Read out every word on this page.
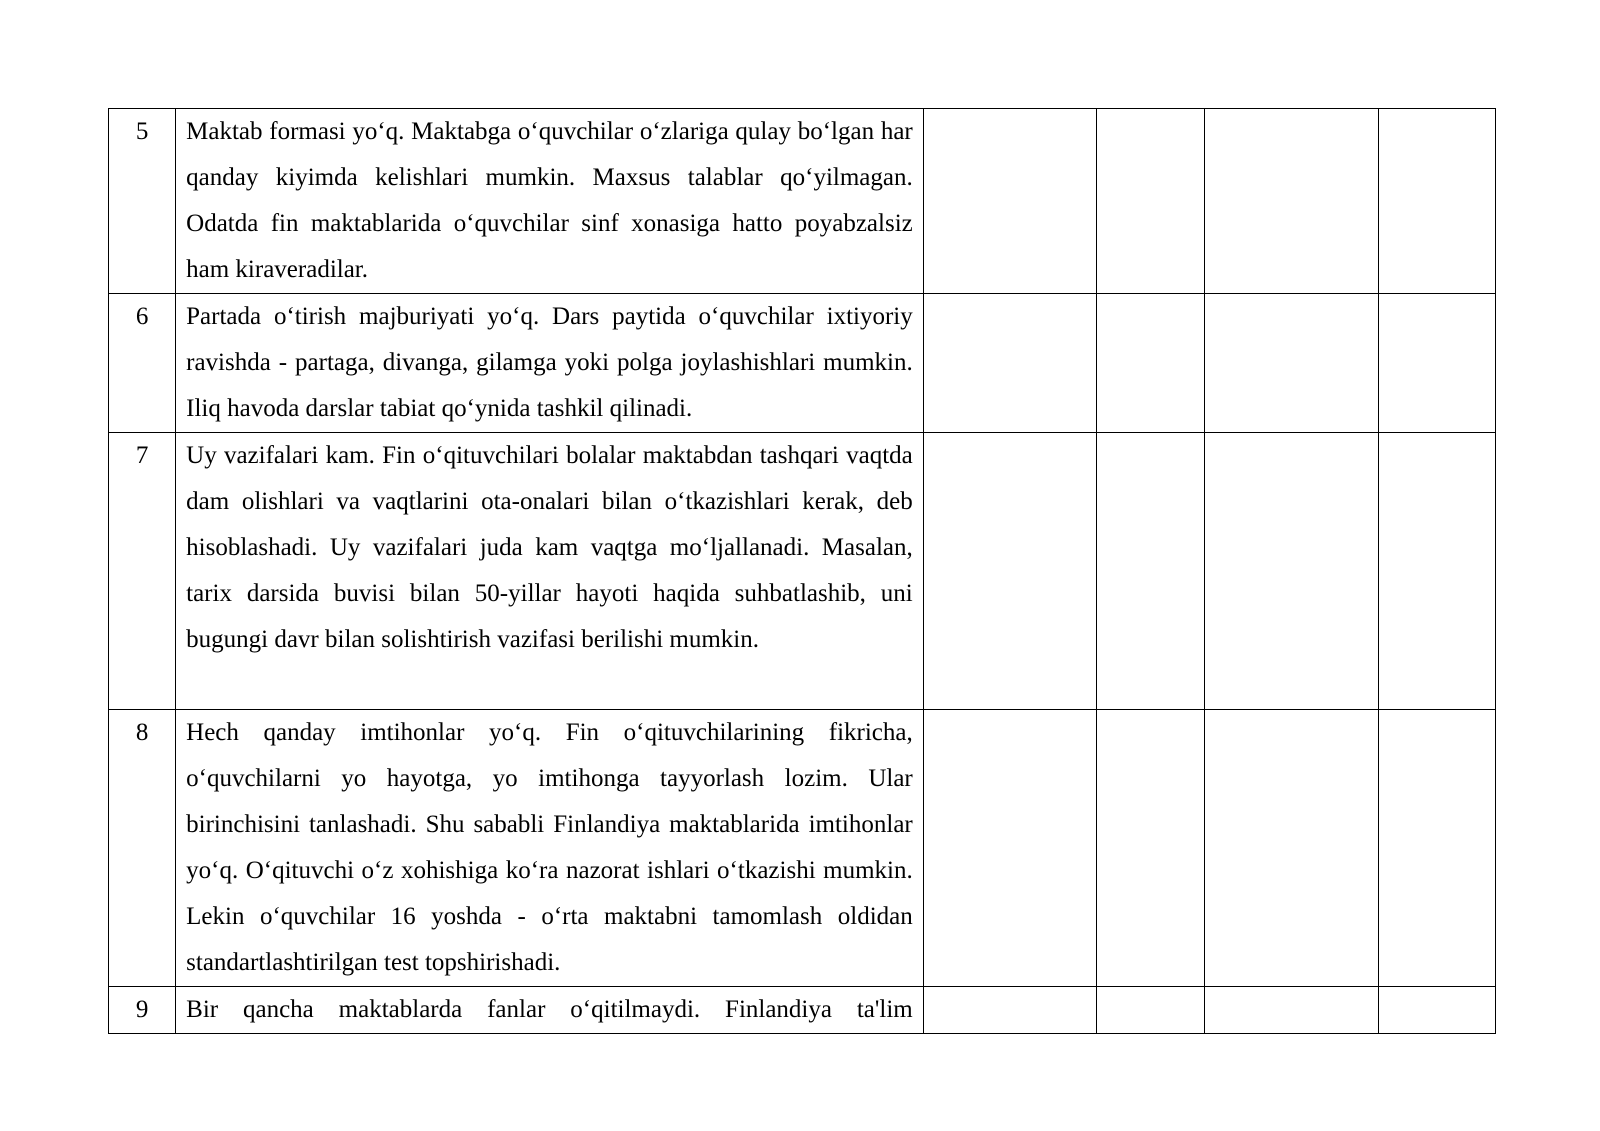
5	Maktab formasi yo‘q. Maktabga o‘quvchilar o‘zlariga qulay bo‘lgan har qanday kiyimda kelishlari mumkin. Maxsus talablar qo‘yilmagan. Odatda fin maktablarida o‘quvchilar sinf xonasiga hatto poyabzalsiz ham kiraveradilar.				
6	Partada o‘tirish majburiyati yo‘q. Dars paytida o‘quvchilar ixtiyoriy ravishda - partaga, divanga, gilamga yoki polga joylashishlari mumkin. Iliq havoda darslar tabiat qo‘ynida tashkil qilinadi.				
7	Uy vazifalari kam. Fin o‘qituvchilari bolalar maktabdan tashqari vaqtda dam olishlari va vaqtlarini ota-onalari bilan o‘tkazishlari kerak, deb hisoblashadi. Uy vazifalari juda kam vaqtga mo‘ljallanadi. Masalan, tarix darsida buvisi bilan 50-yillar hayoti haqida suhbatlashib, uni bugungi davr bilan solishtirish vazifasi berilishi mumkin.				
8	Hech qanday imtihonlar yo‘q. Fin o‘qituvchilarining fikricha, o‘quvchilarni yo hayotga, yo imtihonga tayyorlash lozim. Ular birinchisini tanlashadi. Shu sababli Finlandiya maktablarida imtihonlar yo‘q. O‘qituvchi o‘z xohishiga ko‘ra nazorat ishlari o‘tkazishi mumkin. Lekin o‘quvchilar 16 yoshda - o‘rta maktabni tamomlash oldidan standartlashtirilgan test topshirishadi.				
9	Bir qancha maktablarda fanlar o‘qitilmaydi. Finlandiya ta'lim				
